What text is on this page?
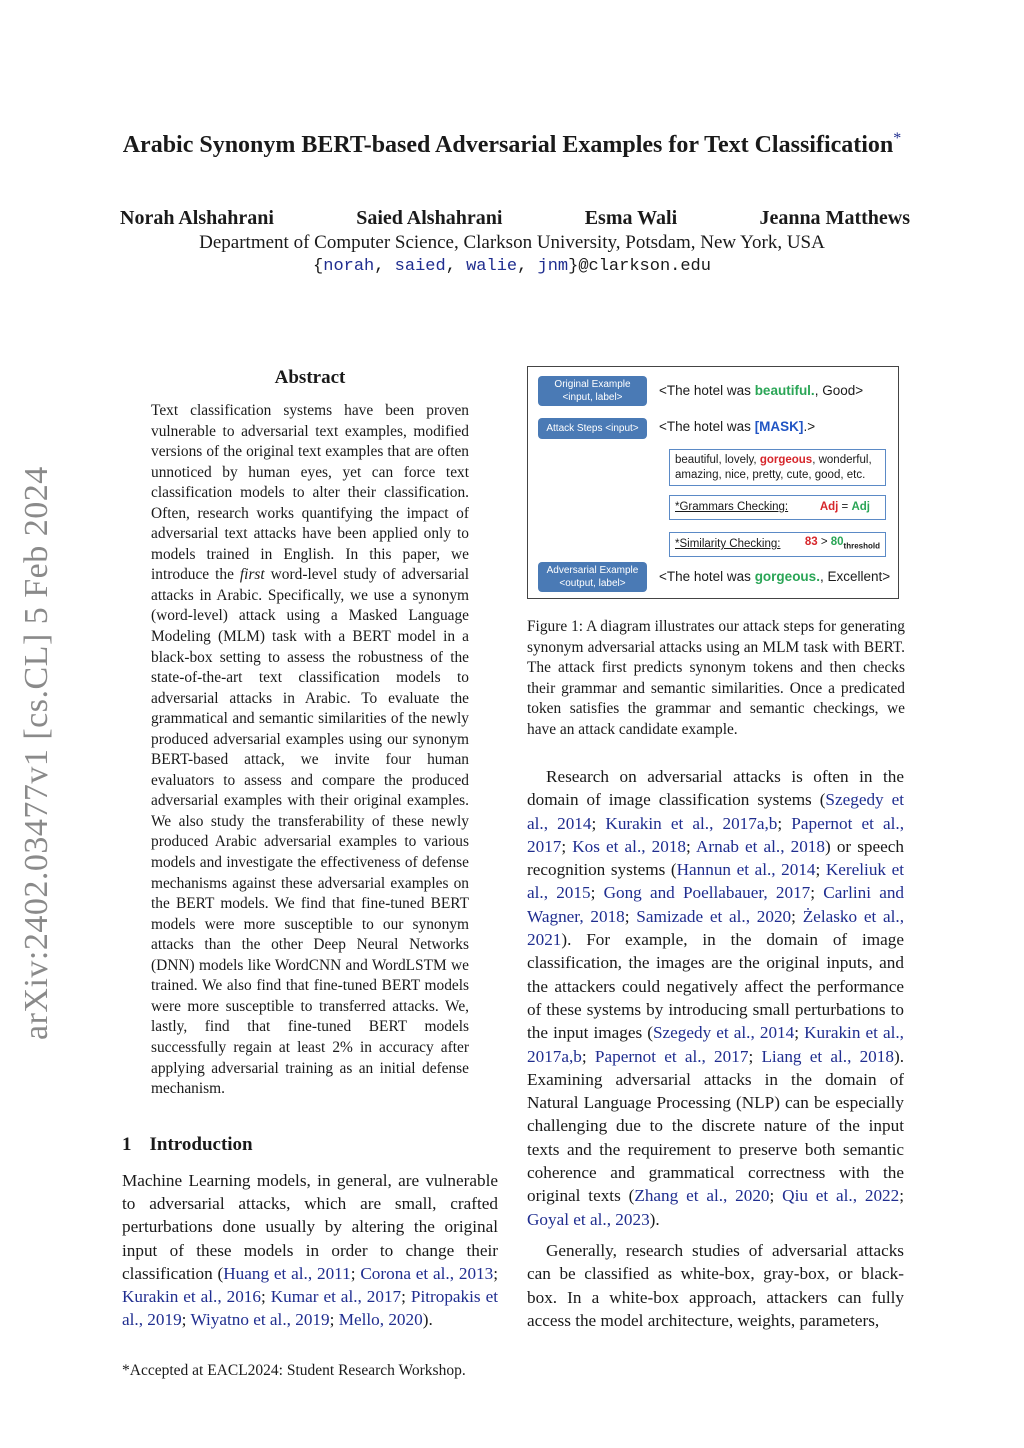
arXiv:2402.03477v1 [cs.CL] 5 Feb 2024
Arabic Synonym BERT-based Adversarial Examples for Text Classification*
Norah Alshahrani	Saied Alshahrani	Esma Wali	Jeanna Matthews
Department of Computer Science, Clarkson University, Potsdam, New York, USA
{norah, saied, walie, jnm}@clarkson.edu
Abstract
Text classification systems have been proven vulnerable to adversarial text examples, modified versions of the original text examples that are often unnoticed by human eyes, yet can force text classification models to alter their classification. Often, research works quantifying the impact of adversarial text attacks have been applied only to models trained in English. In this paper, we introduce the first word-level study of adversarial attacks in Arabic. Specifically, we use a synonym (word-level) attack using a Masked Language Modeling (MLM) task with a BERT model in a black-box setting to assess the robustness of the state-of-the-art text classification models to adversarial attacks in Arabic. To evaluate the grammatical and semantic similarities of the newly produced adversarial examples using our synonym BERT-based attack, we invite four human evaluators to assess and compare the produced adversarial examples with their original examples. We also study the transferability of these newly produced Arabic adversarial examples to various models and investigate the effectiveness of defense mechanisms against these adversarial examples on the BERT models. We find that fine-tuned BERT models were more susceptible to our synonym attacks than the other Deep Neural Networks (DNN) models like WordCNN and WordLSTM we trained. We also find that fine-tuned BERT models were more susceptible to transferred attacks. We, lastly, find that fine-tuned BERT models successfully regain at least 2% in accuracy after applying adversarial training as an initial defense mechanism.
1 Introduction
Machine Learning models, in general, are vulnerable to adversarial attacks, which are small, crafted perturbations done usually by altering the original input of these models in order to change their classification (Huang et al., 2011; Corona et al., 2013; Kurakin et al., 2016; Kumar et al., 2017; Pitropakis et al., 2019; Wiyatno et al., 2019; Mello, 2020).
*Accepted at EACL2024: Student Research Workshop.
Original Example
<input, label>	<The hotel was beautiful., Good>
Attack Steps <input>	<The hotel was [MASK].>
beautiful, lovely, gorgeous, wonderful, amazing, nice, pretty, cute, good, etc.
*Grammars Checking:	Adj = Adj
*Similarity Checking: $83 > 80_{threshold}$
Adversarial Example
<output, label>	<The hotel was gorgeous., Excellent>
Figure 1: A diagram illustrates our attack steps for generating synonym adversarial attacks using an MLM task with BERT. The attack first predicts synonym tokens and then checks their grammar and semantic similarities. Once a predicated token satisfies the grammar and semantic checkings, we have an attack candidate example.

Research on adversarial attacks is often in the domain of image classification systems (Szegedy et al., 2014; Kurakin et al., 2017a,b; Papernot et al., 2017; Kos et al., 2018; Arnab et al., 2018) or speech recognition systems (Hannun et al., 2014; Kereliuk et al., 2015; Gong and Poellabauer, 2017; Carlini and Wagner, 2018; Samizade et al., 2020; Żelasko et al., 2021). For example, in the domain of image classification, the images are the original inputs, and the attackers could negatively affect the performance of these systems by introducing small perturbations to the input images (Szegedy et al., 2014; Kurakin et al., 2017a,b; Papernot et al., 2017; Liang et al., 2018). Examining adversarial attacks in the domain of Natural Language Processing (NLP) can be especially challenging due to the discrete nature of the input texts and the requirement to preserve both semantic coherence and grammatical correctness with the original texts (Zhang et al., 2020; Qiu et al., 2022; Goyal et al., 2023).

Generally, research studies of adversarial attacks can be classified as white-box, gray-box, or black-box. In a white-box approach, attackers can fully access the model architecture, weights, parameters,
